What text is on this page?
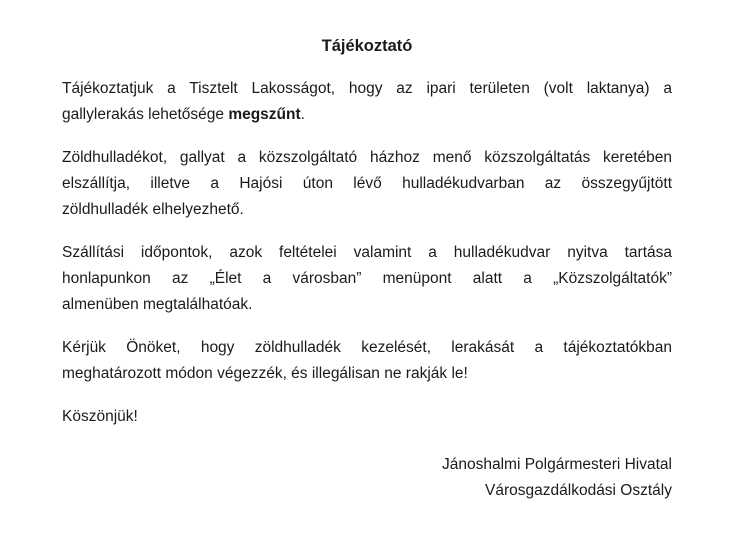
Tájékoztató
Tájékoztatjuk a Tisztelt Lakosságot, hogy az ipari területen (volt laktanya) a
gallylerakás lehetősége megszűnt.
Zöldhulladékot, gallyat a közszolgáltató házhoz menő közszolgáltatás keretében
elszállítja, illetve a Hajósi úton lévő hulladékudvarban az összegyűjtött
zöldhulladék elhelyezhető.
Szállítási időpontok, azok feltételei valamint a hulladékudvar nyitva tartása
honlapunkon az „Élet a városban” menüpont alatt a „Közszolgáltatók”
almenüben megtalálhatóak.
Kérjük Önöket, hogy zöldhulladék kezelését, lerakását a tájékoztatókban
meghatározott módon végezzék, és illegálisan ne rakják le!
Köszönjük!
Jánoshalmi Polgármesteri Hivatal
Városgazdálkodási Osztály
